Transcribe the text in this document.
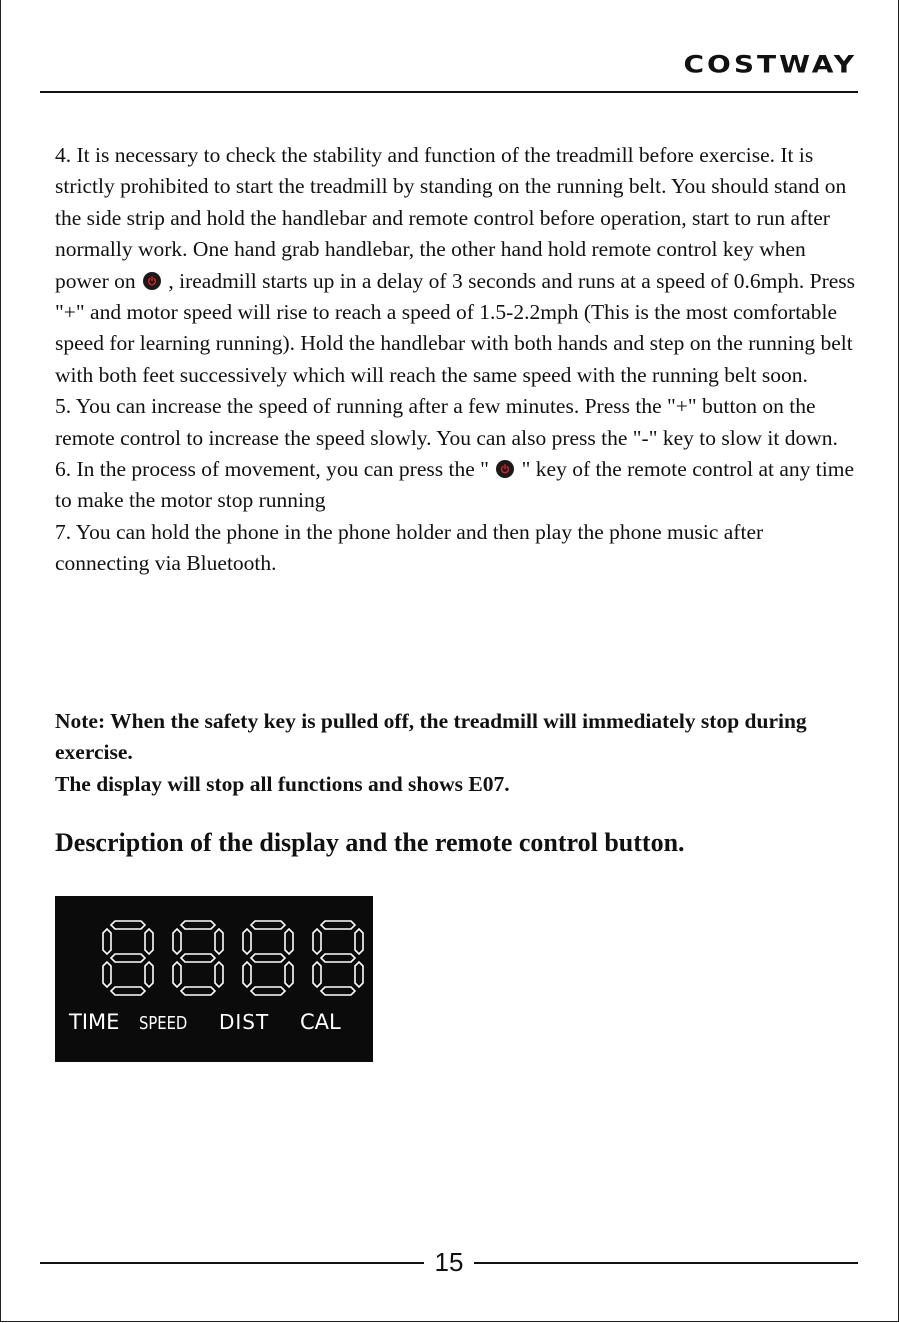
COSTWAY

4. It is necessary to check the stability and function of the treadmill before exercise. It is strictly prohibited to start the treadmill by standing on the running belt. You should stand on the side strip and hold the handlebar and remote control before operation, start to run after normally work. One hand grab handlebar, the other hand hold remote control key when power on
, ireadmill starts up in a delay of 3 seconds and runs at a speed of 0.6mph. Press "+" and motor speed will rise to reach a speed of 1.5-2.2mph (This is the most comfortable speed for learning running). Hold the handlebar with both hands and step on the running belt with both feet successively which will reach the same speed with the running belt soon.

5. You can increase the speed of running after a few minutes. Press the "+" button on the remote control to increase the speed slowly. You can also press the "-" key to slow it down.

6. In the process of movement, you can press the "
" key of the remote control at any time to make the motor stop running

7. You can hold the phone in the phone holder and then play the phone music after connecting via Bluetooth.

Note: When the safety key is pulled off, the treadmill will immediately stop during exercise.

The display will stop all functions and shows E07.

Description of the display and the remote control button.
TIME SPEED DIST CAL
15
